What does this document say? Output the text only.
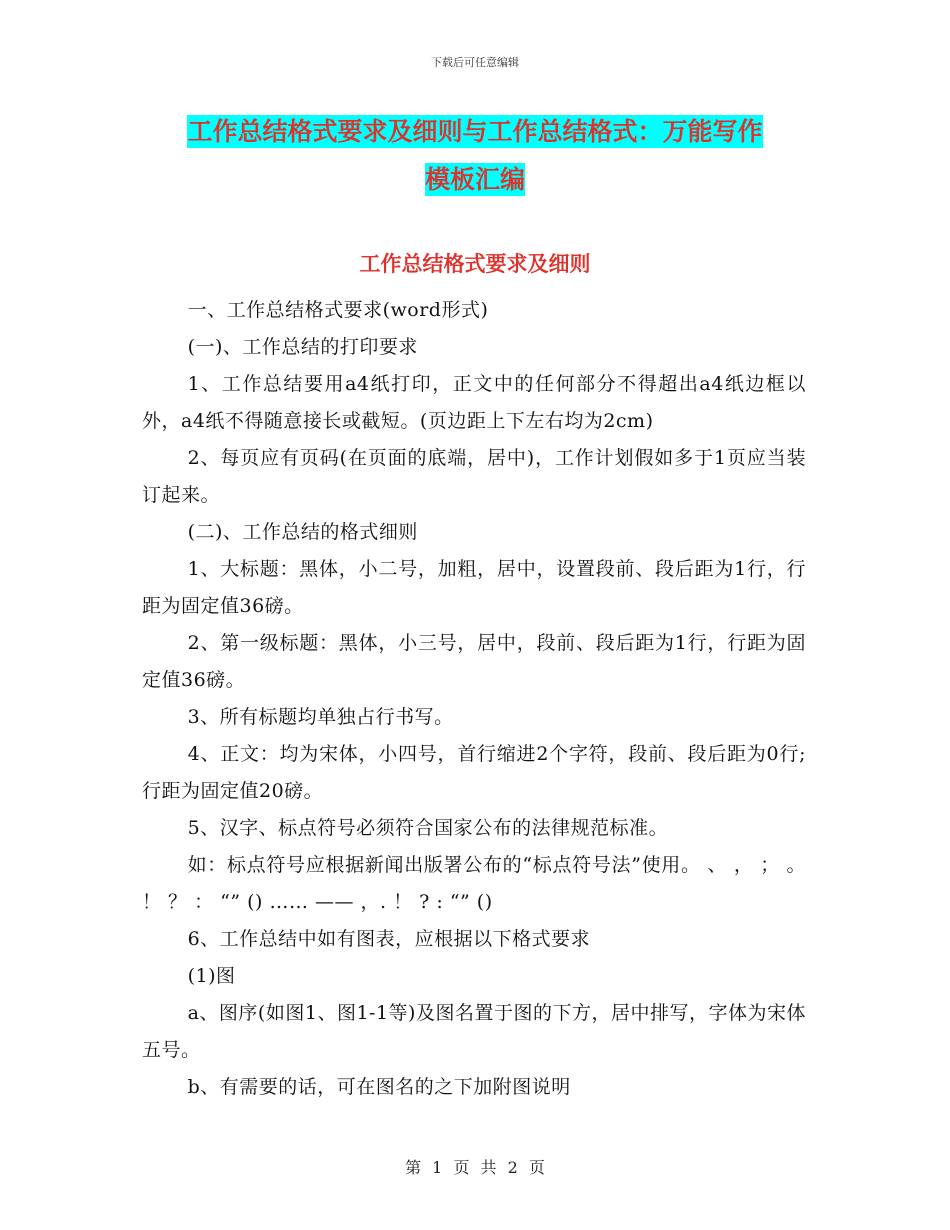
下载后可任意编辑
工作总结格式要求及细则与工作总结格式：万能写作
模板汇编
工作总结格式要求及细则

一、工作总结格式要求(word形式)

(一)、工作总结的打印要求

1、工作总结要用a4纸打印，正文中的任何部分不得超出a4纸边框以外，a4纸不得随意接长或截短。(页边距上下左右均为2cm)

2、每页应有页码(在页面的底端，居中)，工作计划假如多于1页应当装订起来。

(二)、工作总结的格式细则

1、大标题：黑体，小二号，加粗，居中，设置段前、段后距为1行，行距为固定值36磅。

2、第一级标题：黑体，小三号，居中，段前、段后距为1行，行距为固定值36磅。

3、所有标题均单独占行书写。

4、正文：均为宋体，小四号，首行缩进2个字符，段前、段后距为0行;行距为固定值20磅。

5、汉字、标点符号必须符合国家公布的法律规范标准。

如：标点符号应根据新闻出版署公布的“标点符号法”使用。 、 ， ； 。 ！ ？ ： “” () …… —— ，. ！ ? : “” ()

6、工作总结中如有图表，应根据以下格式要求

(1)图

a、图序(如图1、图1-1等)及图名置于图的下方，居中排写，字体为宋体五号。

b、有需要的话，可在图名的之下加附图说明

第 1 页 共 2 页
